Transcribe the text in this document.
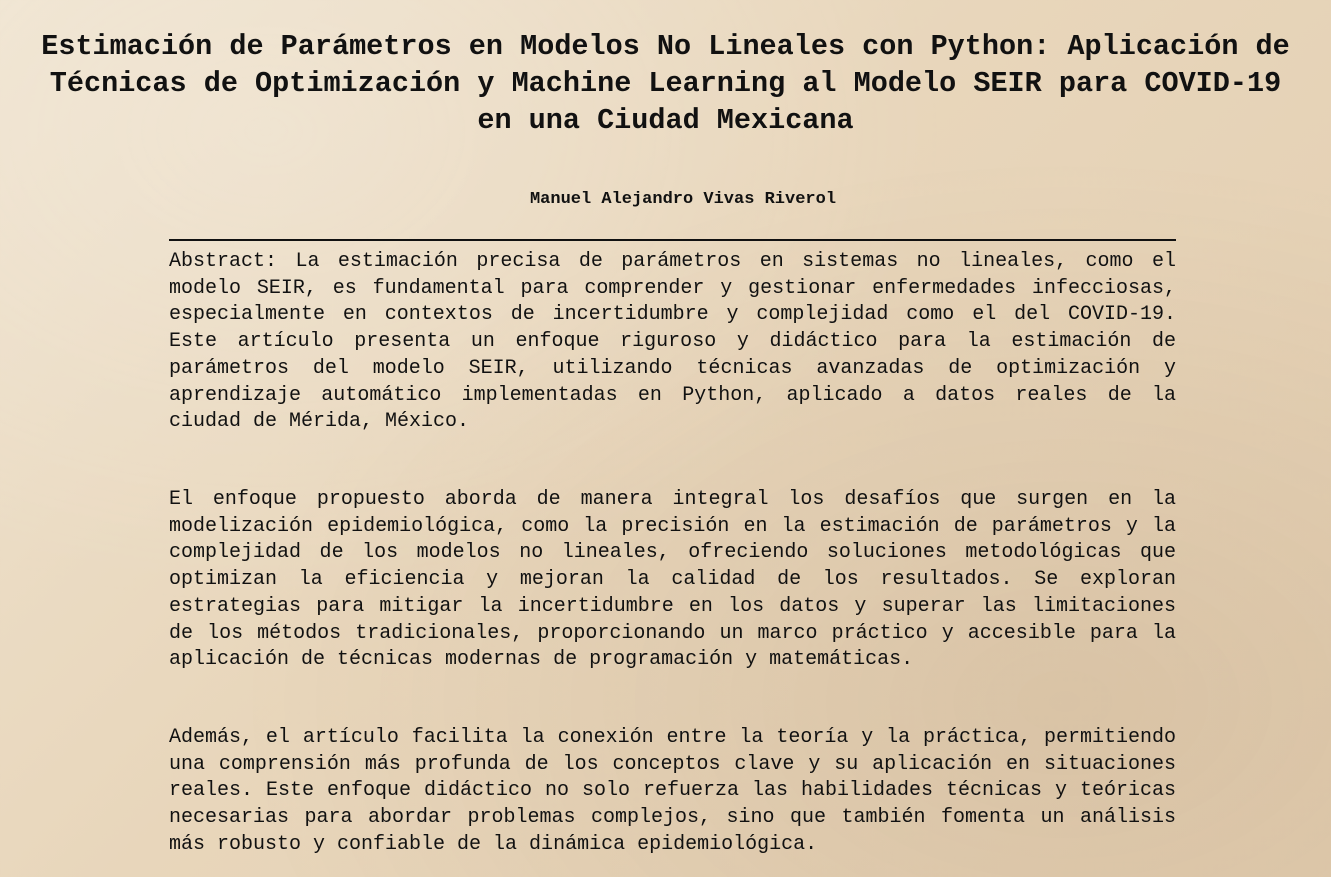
Estimación de Parámetros en Modelos No Lineales con Python: Aplicación de Técnicas de Optimización y Machine Learning al Modelo SEIR para COVID-19 en una Ciudad Mexicana
Manuel Alejandro Vivas Riverol

Abstract: La estimación precisa de parámetros en sistemas no lineales, como el modelo SEIR, es fundamental para comprender y gestionar enfermedades infecciosas, especialmente en contextos de incertidumbre y complejidad como el del COVID-19. Este artículo presenta un enfoque riguroso y didáctico para la estimación de parámetros del modelo SEIR, utilizando técnicas avanzadas de optimización y aprendizaje automático implementadas en Python, aplicado a datos reales de la ciudad de Mérida, México.

El enfoque propuesto aborda de manera integral los desafíos que surgen en la modelización epidemiológica, como la precisión en la estimación de parámetros y la complejidad de los modelos no lineales, ofreciendo soluciones metodológicas que optimizan la eficiencia y mejoran la calidad de los resultados. Se exploran estrategias para mitigar la incertidumbre en los datos y superar las limitaciones de los métodos tradicionales, proporcionando un marco práctico y accesible para la aplicación de técnicas modernas de programación y matemáticas.

Además, el artículo facilita la conexión entre la teoría y la práctica, permitiendo una comprensión más profunda de los conceptos clave y su aplicación en situaciones reales. Este enfoque didáctico no solo refuerza las habilidades técnicas y teóricas necesarias para abordar problemas complejos, sino que también fomenta un análisis más robusto y confiable de la dinámica epidemiológica.
